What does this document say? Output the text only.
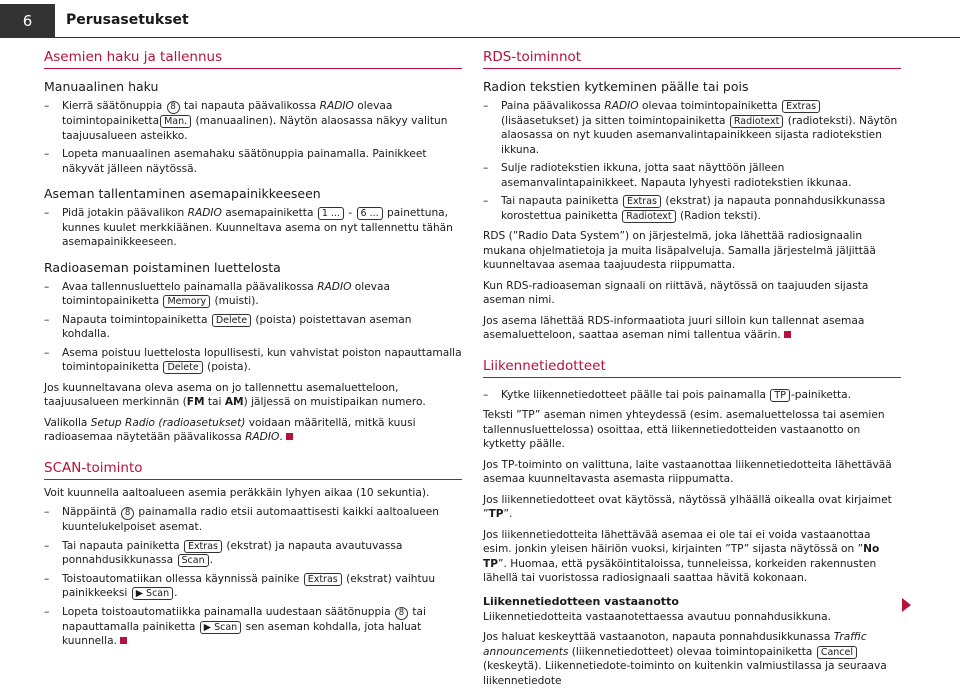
6	Perusasetukset
Asemien haku ja tallennus
Manuaalinen haku
– Kierrä säätönuppia 8 tai napauta päävalikossa RADIO olevaa toimintopainiketta Man. (manuaalinen). Näytön alaosassa näkyy valitun taajuusalueen asteikko.
– Lopeta manuaalinen asemahaku säätönuppia painamalla. Painikkeet näkyvät jälleen näytössä.
Aseman tallentaminen asemapainikkeeseen
– Pidä jotakin päävalikon RADIO asemapainiketta 1 ... - 6 ... painettuna, kunnes kuulet merkkiäänen. Kuunneltava asema on nyt tallennettu tähän asemapainikkeeseen.
Radioaseman poistaminen luettelosta
– Avaa tallennusluettelo painamalla päävalikossa RADIO olevaa toimintopainiketta Memory (muisti).
– Napauta toimintopainiketta Delete (poista) poistettavan aseman kohdalla.
– Asema poistuu luettelosta lopullisesti, kun vahvistat poiston napauttamalla toimintopainiketta Delete (poista).

Jos kuunneltavana oleva asema on jo tallennettu asemaluetteloon, taajuusalueen merkinnän (FM tai AM) jäljessä on muistipaikan numero.

Valikolla Setup Radio (radioasetukset) voidaan määritellä, mitkä kuusi radioasemaa näytetään päävalikossa RADIO.

SCAN-toiminto

Voit kuunnella aaltoalueen asemia peräkkäin lyhyen aikaa (10 sekuntia).

– Näppäintä 8 painamalla radio etsii automaattisesti kaikki aaltoalueen kuuntelukelpoiset asemat.
– Tai napauta painiketta Extras (ekstrat) ja napauta avautuvassa ponnahdusikkunassa Scan .
– Toistoautomatiikan ollessa käynnissä painike Extras (ekstrat) vaihtuu painikkeeksi ▶ Scan .
– Lopeta toistoautomatiikka painamalla uudestaan säätönuppia 8 tai napauttamalla painiketta ▶ Scan sen aseman kohdalla, jota haluat kuunnella.
RDS-toiminnot
Radion tekstien kytkeminen päälle tai pois
– Paina päävalikossa RADIO olevaa toimintopainiketta Extras (lisäasetukset) ja sitten toimintopainiketta Radiotext (radioteksti). Näytön alaosassa on nyt kuuden asemanvalintapainikkeen sijasta radiotekstien ikkuna.
– Sulje radiotekstien ikkuna, jotta saat näyttöön jälleen asemanvalintapainikkeet. Napauta lyhyesti radiotekstien ikkunaa.
– Tai napauta painiketta Extras (ekstrat) ja napauta ponnahdusikkunassa korostettua painiketta Radiotext (Radion teksti).

RDS (”Radio Data System”) on järjestelmä, joka lähettää radiosignaalin mukana ohjelmatietoja ja muita lisäpalveluja. Samalla järjestelmä jäljittää kuunneltavaa asemaa taajuudesta riippumatta.

Kun RDS-radioaseman signaali on riittävä, näytössä on taajuuden sijasta aseman nimi.

Jos asema lähettää RDS-informaatiota juuri silloin kun tallennat asemaa asemaluetteloon, saattaa aseman nimi tallentua väärin.

Liikennetiedotteet
– Kytke liikennetiedotteet päälle tai pois painamalla TP -painiketta.

Teksti ”TP” aseman nimen yhteydessä (esim. asemaluettelossa tai asemien tallennusluettelossa) osoittaa, että liikennetiedotteiden vastaanotto on kytketty päälle.

Jos TP-toiminto on valittuna, laite vastaanottaa liikennetiedotteita lähettävää asemaa kuunneltavasta asemasta riippumatta.

Jos liikennetiedotteet ovat käytössä, näytössä ylhäällä oikealla ovat kirjaimet ”TP”.

Jos liikennetiedotteita lähettävää asemaa ei ole tai ei voida vastaanottaa esim. jonkin yleisen häiriön vuoksi, kirjainten ”TP” sijasta näytössä on ”No TP”. Huomaa, että pysäköintitaloissa, tunneleissa, korkeiden rakennusten lähellä tai vuoristossa radiosignaali saattaa hävitä kokonaan.

Liikennetiedotteen vastaanotto

Liikennetiedotteita vastaanotettaessa avautuu ponnahdusikkuna.

Jos haluat keskeyttää vastaanoton, napauta ponnahdusikkunassa Traffic announcements (liikennetiedotteet) olevaa toimintopainiketta Cancel (keskeytä). Liikennetiedote-toiminto on kuitenkin valmiustilassa ja seuraava liikennetiedote
